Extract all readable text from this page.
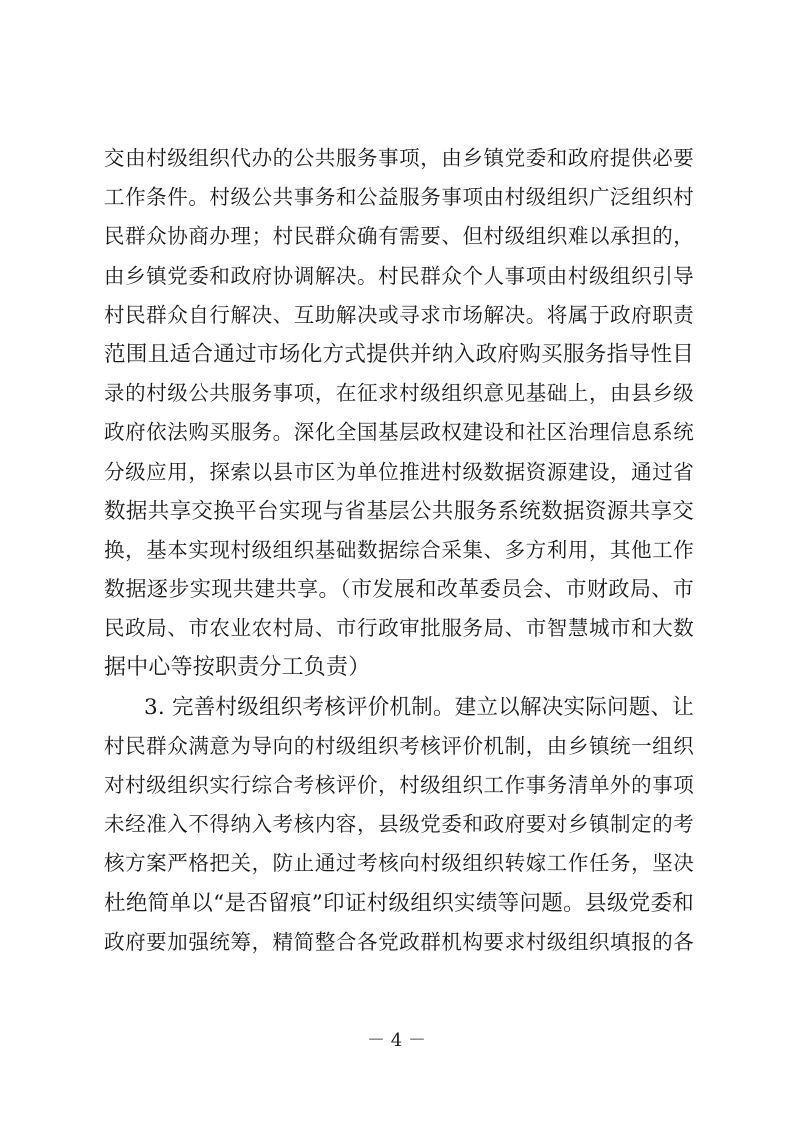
交由村级组织代办的公共服务事项，由乡镇党委和政府提供必要
工作条件。村级公共事务和公益服务事项由村级组织广泛组织村
民群众协商办理；村民群众确有需要、但村级组织难以承担的，
由乡镇党委和政府协调解决。村民群众个人事项由村级组织引导
村民群众自行解决、互助解决或寻求市场解决。将属于政府职责
范围且适合通过市场化方式提供并纳入政府购买服务指导性目
录的村级公共服务事项，在征求村级组织意见基础上，由县乡级
政府依法购买服务。深化全国基层政权建设和社区治理信息系统
分级应用，探索以县市区为单位推进村级数据资源建设，通过省
数据共享交换平台实现与省基层公共服务系统数据资源共享交
换，基本实现村级组织基础数据综合采集、多方利用，其他工作
数据逐步实现共建共享。（市发展和改革委员会、市财政局、市
民政局、市农业农村局、市行政审批服务局、市智慧城市和大数
据中心等按职责分工负责）
3. 完善村级组织考核评价机制。建立以解决实际问题、让
村民群众满意为导向的村级组织考核评价机制，由乡镇统一组织
对村级组织实行综合考核评价，村级组织工作事务清单外的事项
未经准入不得纳入考核内容，县级党委和政府要对乡镇制定的考
核方案严格把关，防止通过考核向村级组织转嫁工作任务，坚决
杜绝简单以“是否留痕”印证村级组织实绩等问题。县级党委和
政府要加强统筹，精简整合各党政群机构要求村级组织填报的各
－ 4 －
